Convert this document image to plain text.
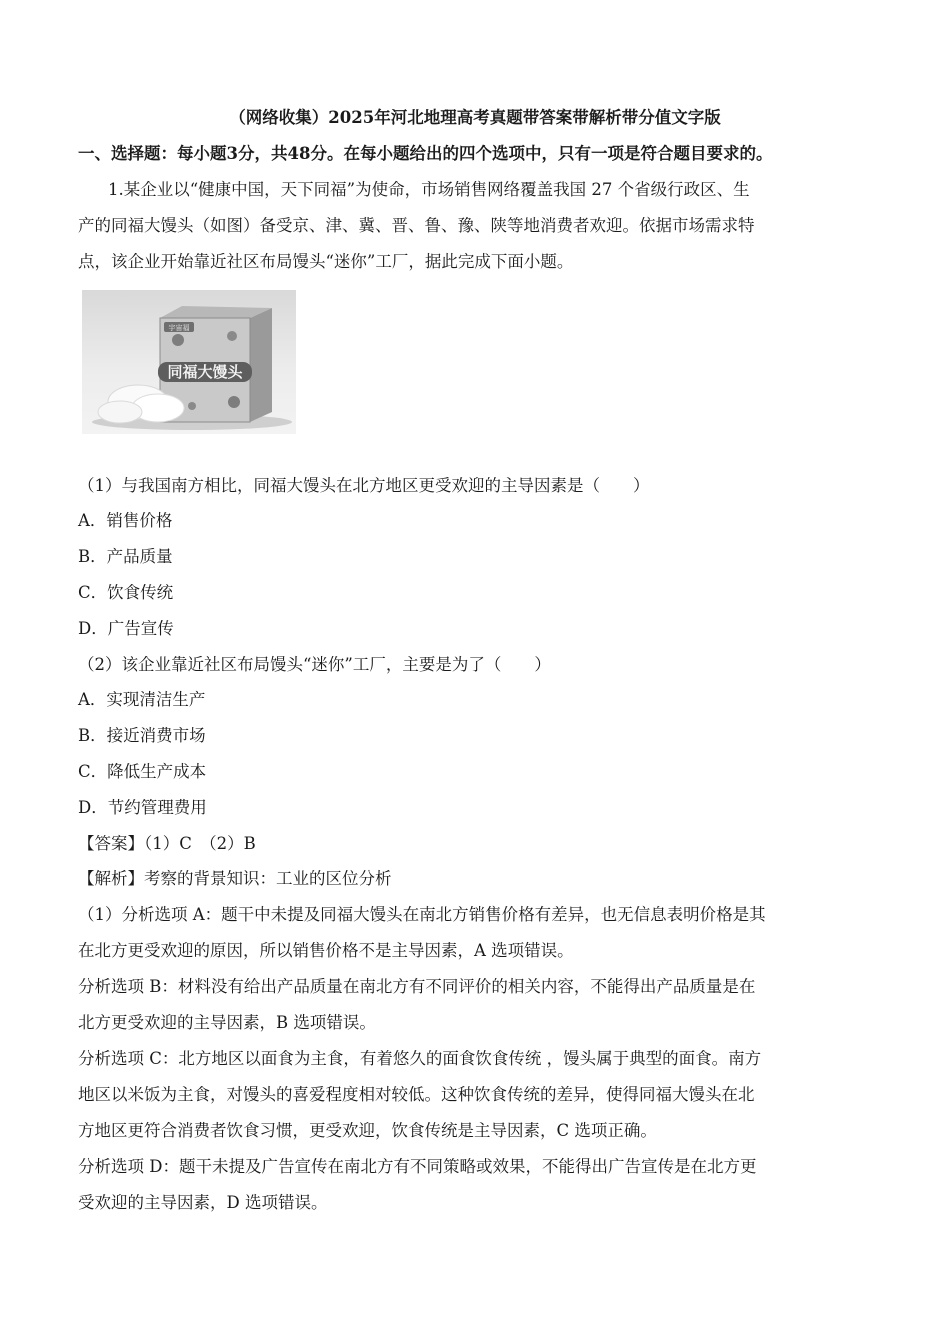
（网络收集）2025年河北地理高考真题带答案带解析带分值文字版
一、选择题：每小题3分，共48分。在每小题给出的四个选项中，只有一项是符合题目要求的。
1.某企业以“健康中国，天下同福”为使命，市场销售网络覆盖我国 27 个省级行政区、生
产的同福大馒头（如图）备受京、津、冀、晋、鲁、豫、陕等地消费者欢迎。依据市场需求特
点，该企业开始靠近社区布局馒头“迷你”工厂，据此完成下面小题。
宇宙福
同福大馒头
（1）与我国南方相比，同福大馒头在北方地区更受欢迎的主导因素是（　　）
A．销售价格
B．产品质量
C．饮食传统
D．广告宣传
（2）该企业靠近社区布局馒头“迷你”工厂，主要是为了（　　）
A．实现清洁生产
B．接近消费市场
C．降低生产成本
D．节约管理费用
【答案】（1）C　（2）B
【解析】考察的背景知识：工业的区位分析
（1）分析选项 A：题干中未提及同福大馒头在南北方销售价格有差异，也无信息表明价格是其
在北方更受欢迎的原因，所以销售价格不是主导因素，A 选项错误。
分析选项 B：材料没有给出产品质量在南北方有不同评价的相关内容，不能得出产品质量是在
北方更受欢迎的主导因素，B 选项错误。
分析选项 C：北方地区以面食为主食，有着悠久的面食饮食传统 ，馒头属于典型的面食。南方
地区以米饭为主食，对馒头的喜爱程度相对较低。这种饮食传统的差异，使得同福大馒头在北
方地区更符合消费者饮食习惯，更受欢迎，饮食传统是主导因素，C 选项正确。
分析选项 D：题干未提及广告宣传在南北方有不同策略或效果，不能得出广告宣传是在北方更
受欢迎的主导因素，D 选项错误。
